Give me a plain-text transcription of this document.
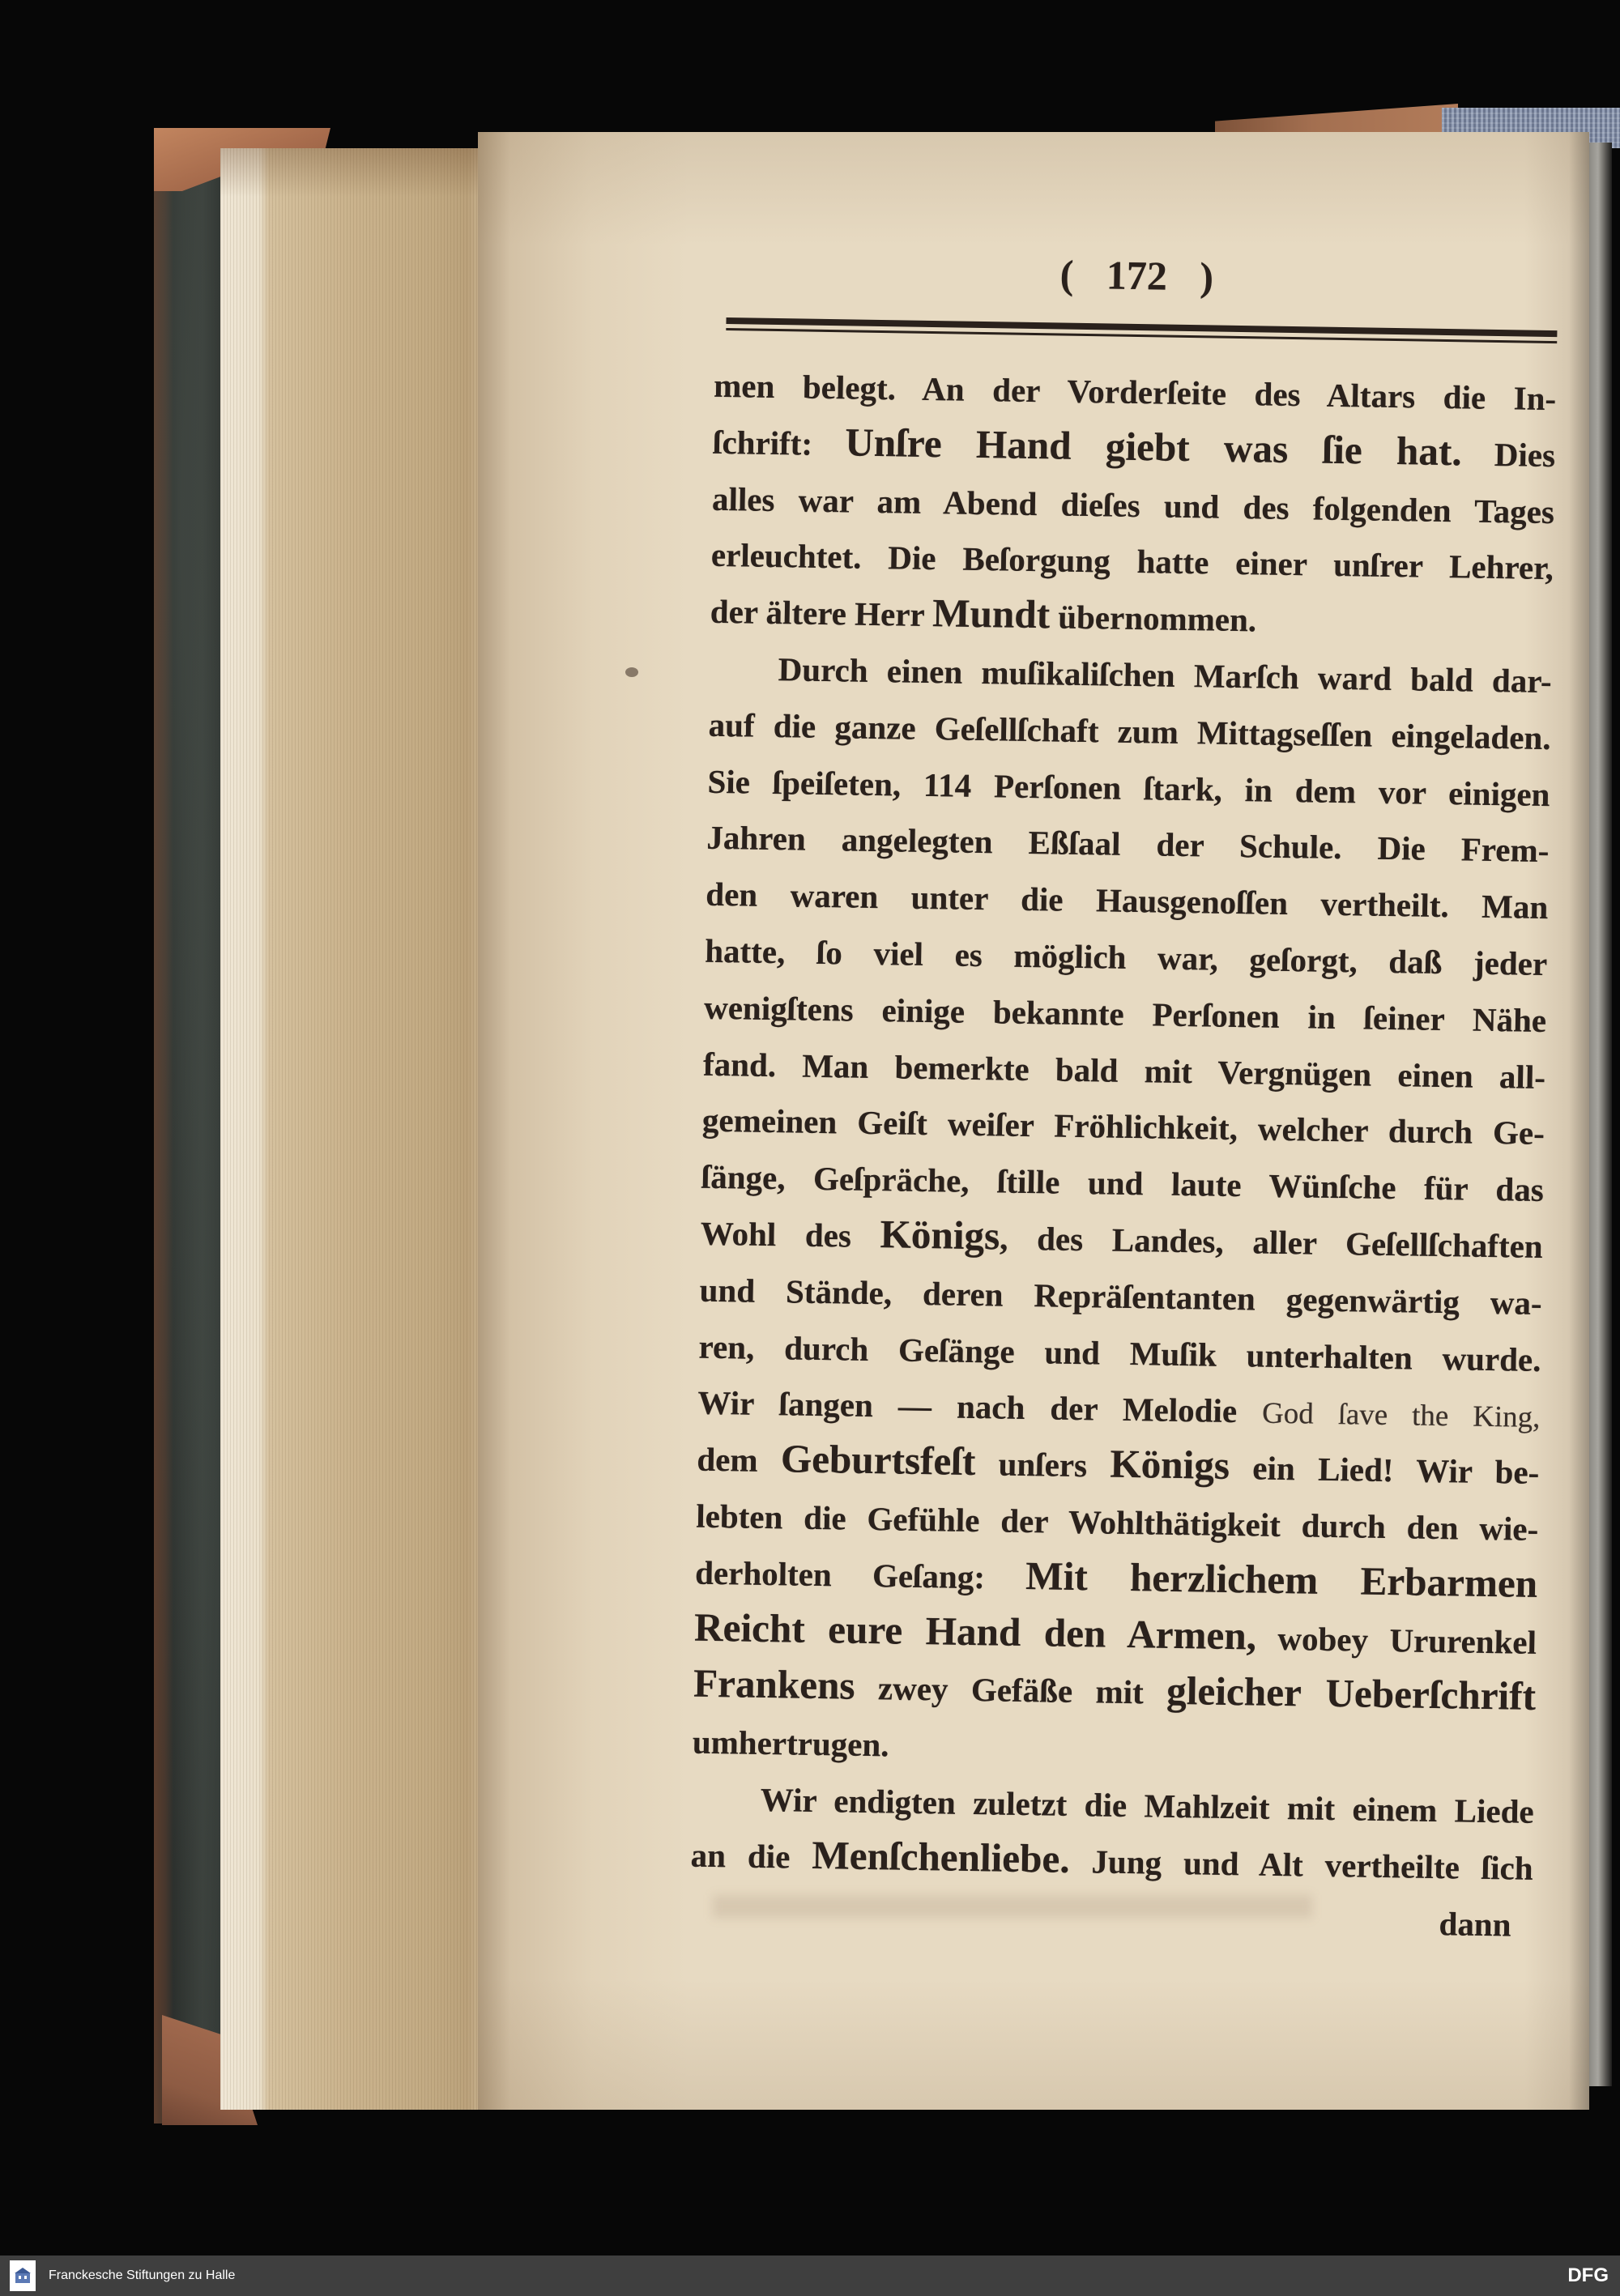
( 172 )
men belegt. An der Vorderſeite des Altars die In-
ſchrift: Unſre Hand giebt was ſie hat. Dies
alles war am Abend dieſes und des folgenden Tages
erleuchtet. Die Beſorgung hatte einer unſrer Lehrer,
der ältere Herr Mundt übernommen.
Durch einen muſikaliſchen Marſch ward bald dar-
auf die ganze Geſellſchaft zum Mittagseſſen eingeladen.
Sie ſpeiſeten, 114 Perſonen ſtark, in dem vor einigen
Jahren angelegten Eßſaal der Schule. Die Frem-
den waren unter die Hausgenoſſen vertheilt. Man
hatte, ſo viel es möglich war, geſorgt, daß jeder
wenigſtens einige bekannte Perſonen in ſeiner Nähe
fand. Man bemerkte bald mit Vergnügen einen all-
gemeinen Geiſt weiſer Fröhlichkeit, welcher durch Ge-
ſänge, Geſpräche, ſtille und laute Wünſche für das
Wohl des Königs, des Landes, aller Geſellſchaften
und Stände, deren Repräſentanten gegenwärtig wa-
ren, durch Geſänge und Muſik unterhalten wurde.
Wir ſangen — nach der Melodie God ſave the King,
dem Geburtsfeſt unſers Königs ein Lied! Wir be-
lebten die Gefühle der Wohlthätigkeit durch den wie-
derholten Geſang: Mit herzlichem Erbarmen
Reicht eure Hand den Armen, wobey Ururenkel
Frankens zwey Gefäße mit gleicher Ueberſchrift
umhertrugen.
Wir endigten zuletzt die Mahlzeit mit einem Liede
an die Menſchenliebe. Jung und Alt vertheilte ſich
dann
Franckesche Stiftungen zu Halle	DFG
